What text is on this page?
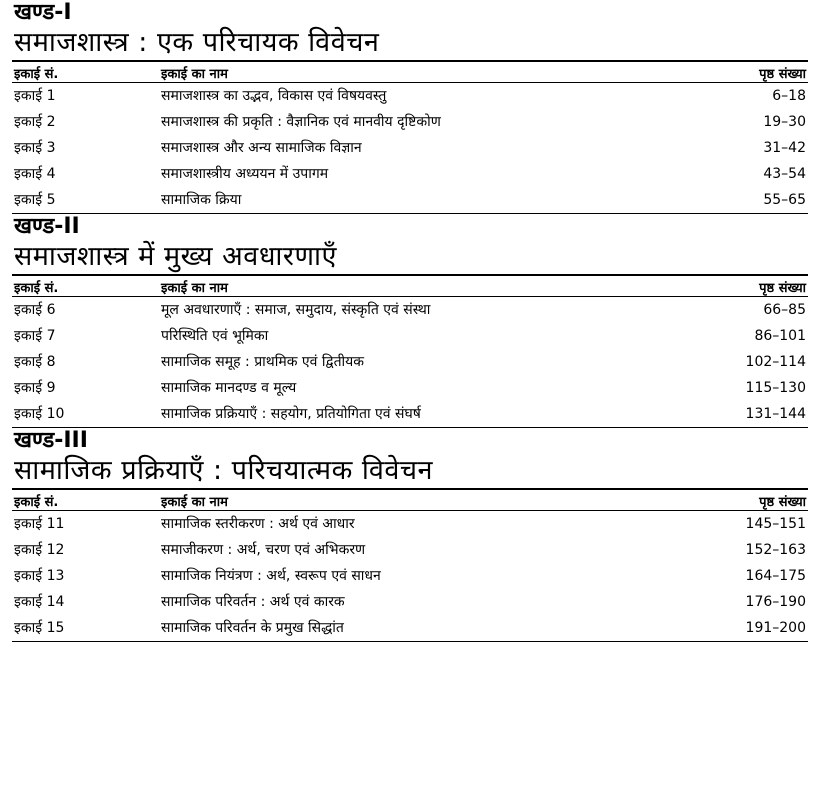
खण्ड-I
समाजशास्त्र : एक परिचायक विवेचन
इकाई सं.	इकाई का नाम	पृष्ठ संख्या
इकाई 1	समाजशास्त्र का उद्भव, विकास एवं विषयवस्तु	6–18
इकाई 2	समाजशास्त्र की प्रकृति : वैज्ञानिक एवं मानवीय दृष्टिकोण	19–30
इकाई 3	समाजशास्त्र और अन्य सामाजिक विज्ञान	31–42
इकाई 4	समाजशास्त्रीय अध्ययन में उपागम	43–54
इकाई 5	सामाजिक क्रिया	55–65
खण्ड-II
समाजशास्त्र में मुख्य अवधारणाएँ
इकाई सं.	इकाई का नाम	पृष्ठ संख्या
इकाई 6	मूल अवधारणाएँ : समाज, समुदाय, संस्कृति एवं संस्था	66–85
इकाई 7	परिस्थिति एवं भूमिका	86–101
इकाई 8	सामाजिक समूह : प्राथमिक एवं द्वितीयक	102–114
इकाई 9	सामाजिक मानदण्ड व मूल्य	115–130
इकाई 10	सामाजिक प्रक्रियाएँ : सहयोग, प्रतियोगिता एवं संघर्ष	131–144
खण्ड-III
सामाजिक प्रक्रियाएँ : परिचयात्मक विवेचन
इकाई सं.	इकाई का नाम	पृष्ठ संख्या
इकाई 11	सामाजिक स्तरीकरण : अर्थ एवं आधार	145–151
इकाई 12	समाजीकरण : अर्थ, चरण एवं अभिकरण	152–163
इकाई 13	सामाजिक नियंत्रण : अर्थ, स्वरूप एवं साधन	164–175
इकाई 14	सामाजिक परिवर्तन : अर्थ एवं कारक	176–190
इकाई 15	सामाजिक परिवर्तन के प्रमुख सिद्धांत	191–200
